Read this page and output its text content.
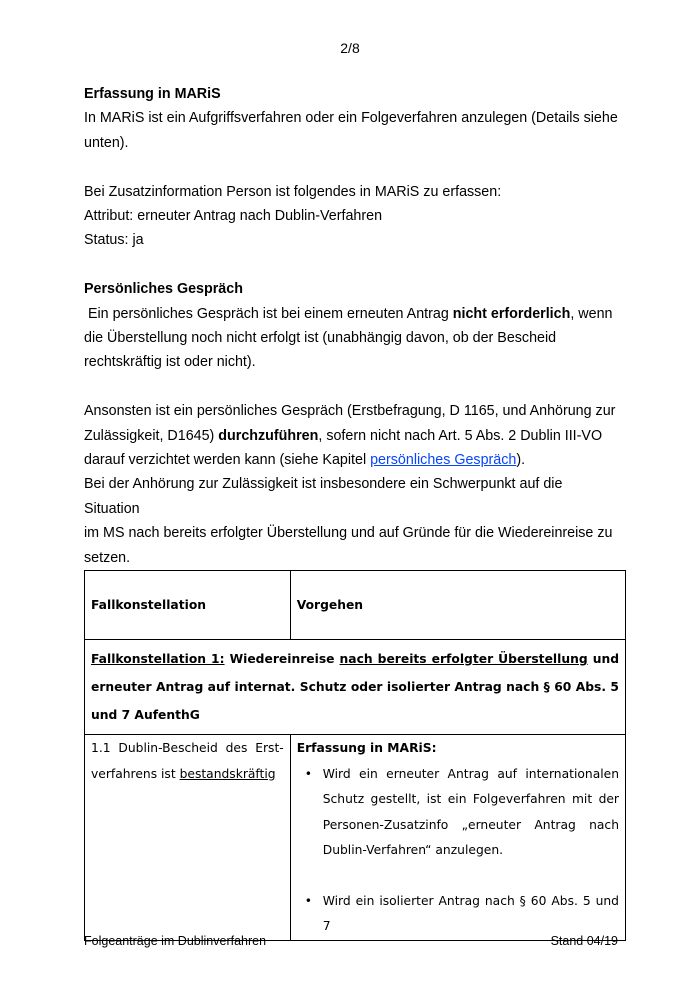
2/8

Erfassung in MARiS

In MARiS ist ein Aufgriffsverfahren oder ein Folgeverfahren anzulegen (Details siehe

unten).

Bei Zusatzinformation Person ist folgendes in MARiS zu erfassen:

Attribut: erneuter Antrag nach Dublin-Verfahren

Status: ja

Persönliches Gespräch

Ein persönliches Gespräch ist bei einem erneuten Antrag nicht erforderlich, wenn

die Überstellung noch nicht erfolgt ist (unabhängig davon, ob der Bescheid

rechtskräftig ist oder nicht).

Ansonsten ist ein persönliches Gespräch (Erstbefragung, D 1165, und Anhörung zur

Zulässigkeit, D1645) durchzuführen, sofern nicht nach Art. 5 Abs. 2 Dublin III-VO

darauf verzichtet werden kann (siehe Kapitel persönliches Gespräch).

Bei der Anhörung zur Zulässigkeit ist insbesondere ein Schwerpunkt auf die Situation

im MS nach bereits erfolgter Überstellung und auf Gründe für die Wiedereinreise zu

setzen.

Fallkonstellation	Vorgehen
Fallkonstellation 1: Wiedereinreise nach bereits erfolgter Überstellung und erneuter Antrag auf internat. Schutz oder isolierter Antrag nach § 60 Abs. 5 und 7 AufenthG	
1.1 Dublin-Bescheid des Erst-verfahrens ist bestandskräftig	Erfassung in MARiS:

• Wird ein erneuter Antrag auf internationalen Schutz gestellt, ist ein Folgeverfahren mit der Personen-Zusatzinfo „erneuter Antrag nach Dublin-Verfahren“ anzulegen.

• Wird ein isolierter Antrag nach § 60 Abs. 5 und 7

Folgeanträge im Dublinverfahren	Stand 04/19
